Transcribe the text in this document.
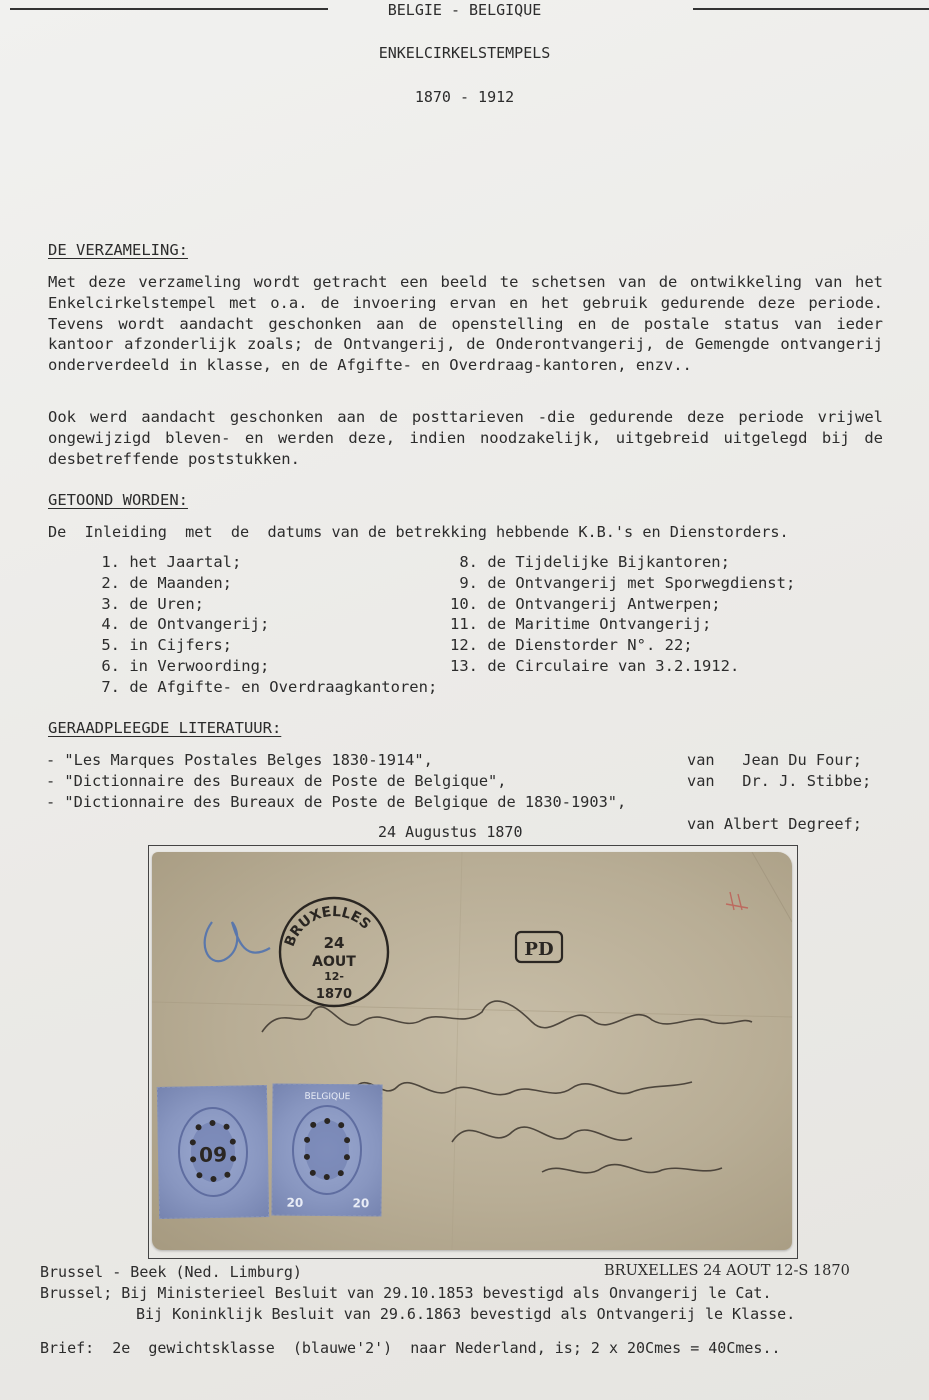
BELGIE - BELGIQUE
ENKELCIRKELSTEMPELS
1870 - 1912
DE VERZAMELING:
Met deze verzameling wordt getracht een beeld te schetsen van de ontwikkeling van het Enkelcirkelstempel met o.a. de invoering ervan en het gebruik gedurende deze periode. Tevens wordt aandacht geschonken aan de openstelling en de postale status van ieder kantoor afzonderlijk zoals; de Ontvangerij, de Onderontvangerij, de Gemengde ontvangerij onderverdeeld in klasse, en de Afgifte- en Overdraag-kantoren, enzv..
Ook werd aandacht geschonken aan de posttarieven -die gedurende deze periode vrijwel ongewijzigd bleven- en werden deze, indien noodzakelijk, uitgebreid uitgelegd bij de desbetreffende poststukken.
GETOOND WORDEN:
De  Inleiding  met  de  datums van de betrekking hebbende K.B.'s en Dienstorders.
1. het Jaartal;
2. de Maanden;
3. de Uren;
4. de Ontvangerij;
5. in Cijfers;
6. in Verwoording;
7. de Afgifte- en Overdraagkantoren;
8. de Tijdelijke Bijkantoren;
9. de Ontvangerij met Sporwegdienst;
10. de Ontvangerij Antwerpen;
11. de Maritime Ontvangerij;
12. de Dienstorder N°. 22;
13. de Circulaire van 3.2.1912.
GERAADPLEEGDE LITERATUUR:
- "Les Marques Postales Belges 1830-1914",	van   Jean Du Four;
- "Dictionnaire des Bureaux de Poste de Belgique",	van   Dr. J. Stibbe;
- "Dictionnaire des Bureaux de Poste de Belgique de 1830-1903",
van Albert Degreef;
24 Augustus 1870
BRUXELLES
24
AOUT
12-
1870
PD
60
BELGIQUE
20	20
Brussel - Beek (Ned. Limburg)	BRUXELLES 24 AOUT 12-S 1870
Brussel; Bij Ministerieel Besluit van 29.10.1853 bevestigd als Onvangerij le Cat.
Bij Koninklijk Besluit van 29.6.1863 bevestigd als Ontvangerij le Klasse.
Brief:  2e  gewichtsklasse  (blauwe'2')  naar Nederland, is; 2 x 20Cmes = 40Cmes..
